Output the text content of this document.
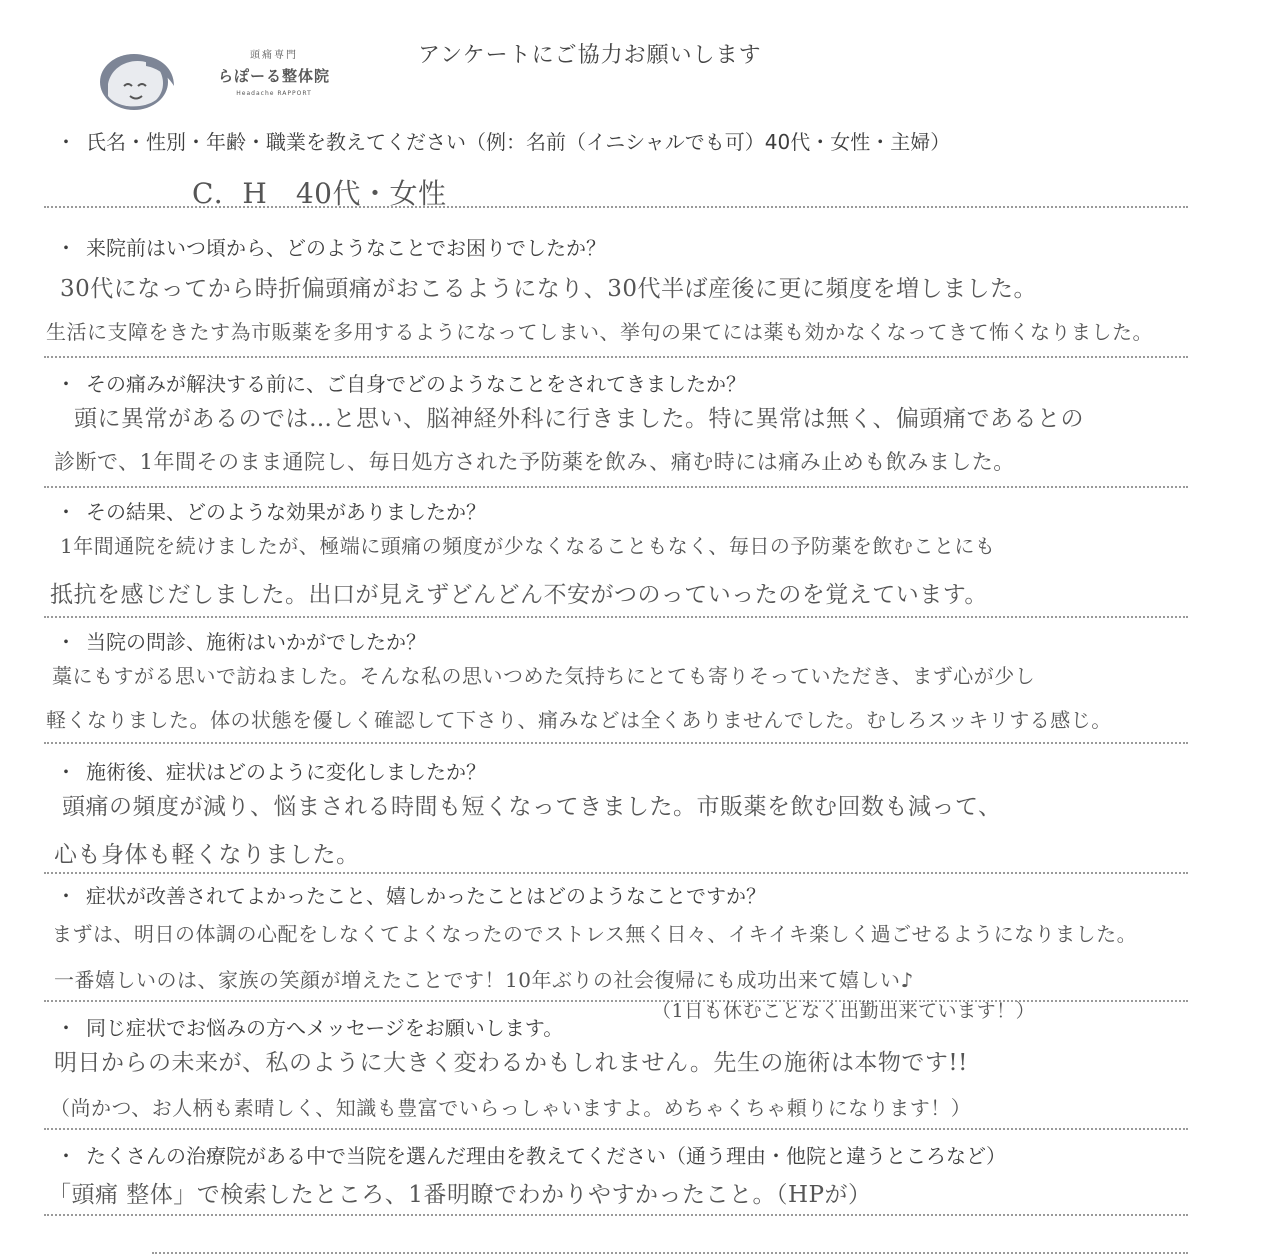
頭痛専門
らぽーる整体院
Headache RAPPORT
アンケートにご協力お願いします
・ 氏名・性別・年齢・職業を教えてください（例：名前（イニシャルでも可）40代・女性・主婦）
C．H　40代・女性
・ 来院前はいつ頃から、どのようなことでお困りでしたか？
30代になってから時折偏頭痛がおこるようになり、30代半ば産後に更に頻度を増しました。
生活に支障をきたす為市販薬を多用するようになってしまい、挙句の果てには薬も効かなくなってきて怖くなりました。
・ その痛みが解決する前に、ご自身でどのようなことをされてきましたか？
頭に異常があるのでは…と思い、脳神経外科に行きました。特に異常は無く、偏頭痛であるとの
診断で、1年間そのまま通院し、毎日処方された予防薬を飲み、痛む時には痛み止めも飲みました。
・ その結果、どのような効果がありましたか？
1年間通院を続けましたが、極端に頭痛の頻度が少なくなることもなく、毎日の予防薬を飲むことにも
抵抗を感じだしました。出口が見えずどんどん不安がつのっていったのを覚えています。
・ 当院の問診、施術はいかがでしたか？
藁にもすがる思いで訪ねました。そんな私の思いつめた気持ちにとても寄りそっていただき、まず心が少し
軽くなりました。体の状態を優しく確認して下さり、痛みなどは全くありませんでした。むしろスッキリする感じ。
・ 施術後、症状はどのように変化しましたか？
頭痛の頻度が減り、悩まされる時間も短くなってきました。市販薬を飲む回数も減って、
心も身体も軽くなりました。
・ 症状が改善されてよかったこと、嬉しかったことはどのようなことですか？
まずは、明日の体調の心配をしなくてよくなったのでストレス無く日々、イキイキ楽しく過ごせるようになりました。
一番嬉しいのは、家族の笑顔が増えたことです！10年ぶりの社会復帰にも成功出来て嬉しい♪
・ 同じ症状でお悩みの方へメッセージをお願いします。
（1日も休むことなく出勤出来ています！）
明日からの未来が、私のように大きく変わるかもしれません。先生の施術は本物です!!
（尚かつ、お人柄も素晴しく、知識も豊富でいらっしゃいますよ。めちゃくちゃ頼りになります！）
・ たくさんの治療院がある中で当院を選んだ理由を教えてください（通う理由・他院と違うところなど）
「頭痛 整体」で検索したところ、1番明瞭でわかりやすかったこと。（HPが）
